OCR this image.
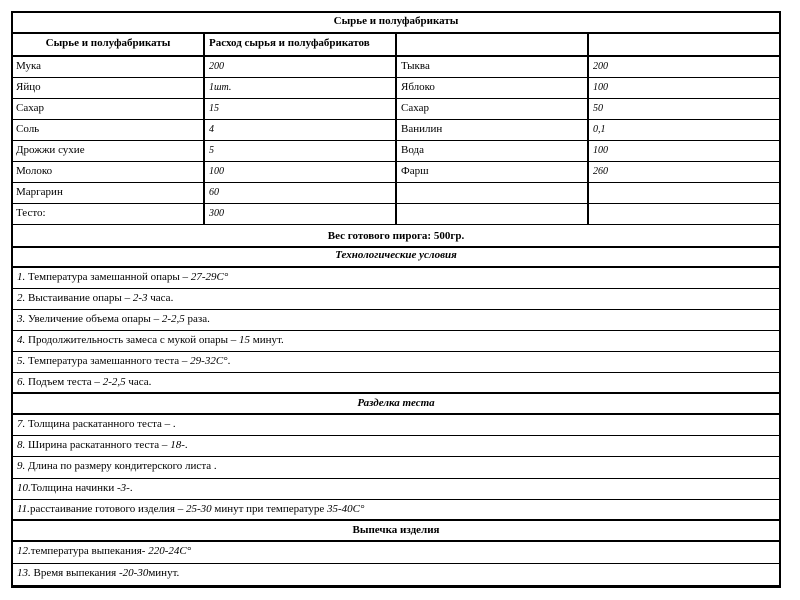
Сырье и полуфабрикаты
Сырье и полуфабрикаты	Расход сырья и полуфабрикатов
Мука	200	Тыква	200
Яйцо	1шт.	Яблоко	100
Сахар	15	Сахар	50
Соль	4	Ванилин	0,1
Дрожжи сухие	5	Вода	100
Молоко	100	Фарш	260
Маргарин	60
Тесто:	300
Вес готового пирога: 500гр.
Технологические условия
1. Температура замешанной опары – 27-29С°
2. Выстаивание опары – 2-3 часа.
3. Увеличение объема опары – 2-2,5 раза.
4. Продолжительность замеса с мукой опары – 15 минут.
5. Температура замешанного теста – 29-32С°.
6. Подъем теста – 2-2,5 часа.
Разделка теста
7. Толщина раскатанного теста – .
8. Ширина раскатанного теста – 18-.
9. Длина по размеру кондитерского листа .
10.Толщина начинки -3-.
11.расстаивание готового изделия – 25-30 минут при температуре 35-40С°
Выпечка изделия
12.температура выпекания- 220-24С°
13. Время выпекания -20-30минут.
